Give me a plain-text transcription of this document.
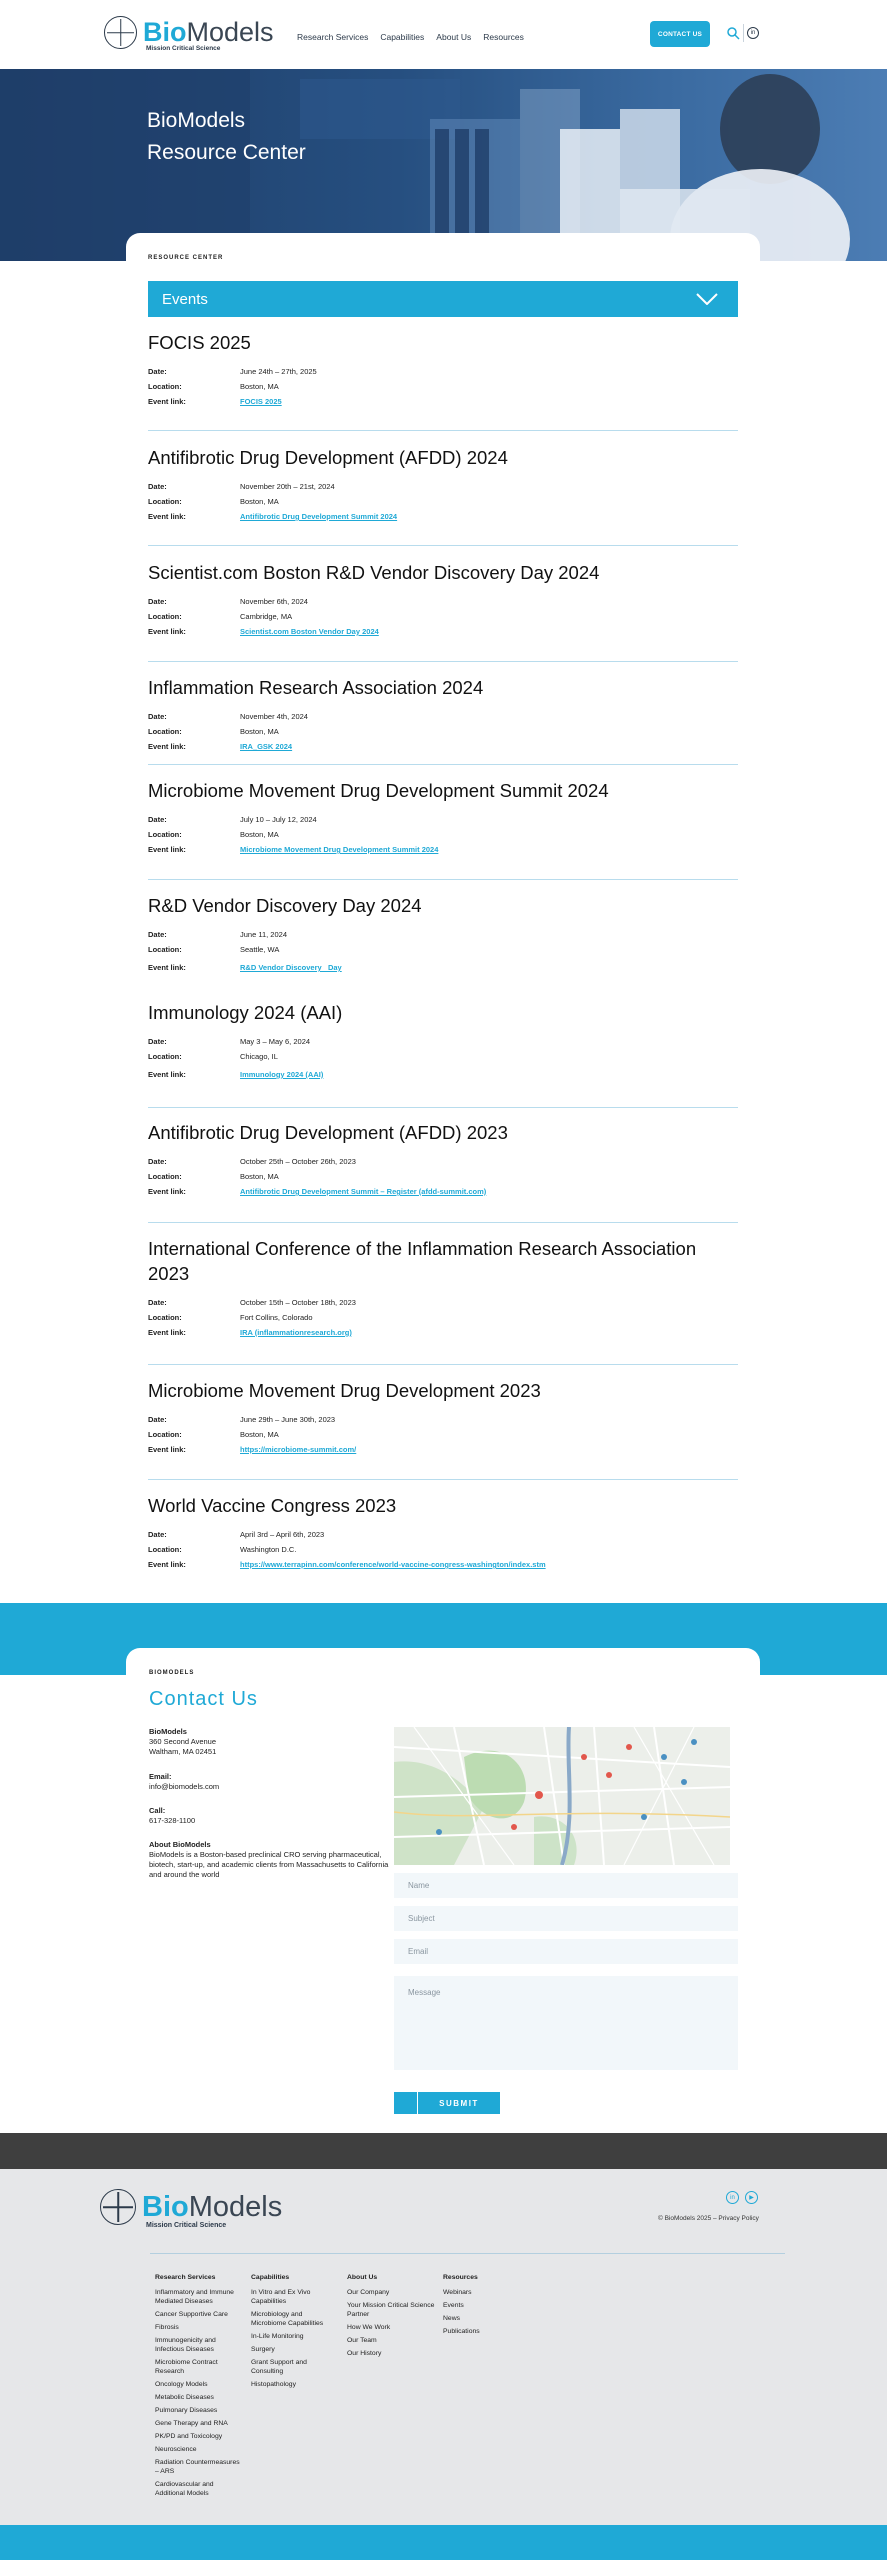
BioModels
Mission Critical Science
Research Services Capabilities About Us Resources	CONTACT US	in
BioModels
Resource Center
RESOURCE CENTER
Events
FOCIS 2025
Date:	June 24th – 27th, 2025
Location:	Boston, MA
Event link:	FOCIS 2025
Antifibrotic Drug Development (AFDD) 2024
Date:	November 20th – 21st, 2024
Location:	Boston, MA
Event link:	Antifibrotic Drug Development Summit 2024
Scientist.com Boston R&D Vendor Discovery Day 2024
Date:	November 6th, 2024
Location:	Cambridge, MA
Event link:	Scientist.com Boston Vendor Day 2024
Inflammation Research Association 2024
Date:	November 4th, 2024
Location:	Boston, MA
Event link:	IRA_GSK 2024
Microbiome Movement Drug Development Summit 2024
Date:	July 10 – July 12, 2024
Location:	Boston, MA
Event link:	Microbiome Movement Drug Development Summit 2024
R&D Vendor Discovery Day 2024
Date:	June 11, 2024
Location:	Seattle, WA
Event link:	R&D Vendor Discovery   Day
Immunology 2024 (AAI)
Date:	May 3 – May 6, 2024
Location:	Chicago, IL
Event link:	Immunology 2024 (AAI)
Antifibrotic Drug Development (AFDD) 2023
Date:	October 25th – October 26th, 2023
Location:	Boston, MA
Event link:	Antifibrotic Drug Development Summit – Register (afdd-summit.com)
International Conference of the Inflammation Research Association 2023
Date:	October 15th – October 18th, 2023
Location:	Fort Collins, Colorado
Event link:	IRA (inflammationresearch.org)
Microbiome Movement Drug Development 2023
Date:	June 29th – June 30th, 2023
Location:	Boston, MA
Event link:	https://microbiome-summit.com/
World Vaccine Congress 2023
Date:	April 3rd – April 6th, 2023
Location:	Washington D.C.
Event link:	https://www.terrapinn.com/conference/world-vaccine-congress-washington/index.stm
BIOMODELS
Contact Us
BioModels
360 Second Avenue
Waltham, MA 02451
Email:
info@biomodels.com
Call:
617-328-1100
About BioModels
BioModels is a Boston-based preclinical CRO serving pharmaceutical, biotech, start-up, and academic clients from Massachusetts to California and around the world
Name
Subject
Email
Message
SUBMIT
BioModels
Mission Critical Science
in	▶
© BioModels 2025 – Privacy Policy
Research Services
Inflammatory and Immune Mediated Diseases
Cancer Supportive Care
Fibrosis
Immunogenicity and Infectious Diseases
Microbiome Contract Research
Oncology Models
Metabolic Diseases
Pulmonary Diseases
Gene Therapy and RNA
PK/PD and Toxicology
Neuroscience
Radiation Countermeasures – ARS
Cardiovascular and Additional Models
Capabilities
In Vitro and Ex Vivo Capabilities
Microbiology and Microbiome Capabilities
In-Life Monitoring
Surgery
Grant Support and Consulting
Histopathology
About Us
Our Company
Your Mission Critical Science Partner
How We Work
Our Team
Our History
Resources
Webinars
Events
News
Publications
